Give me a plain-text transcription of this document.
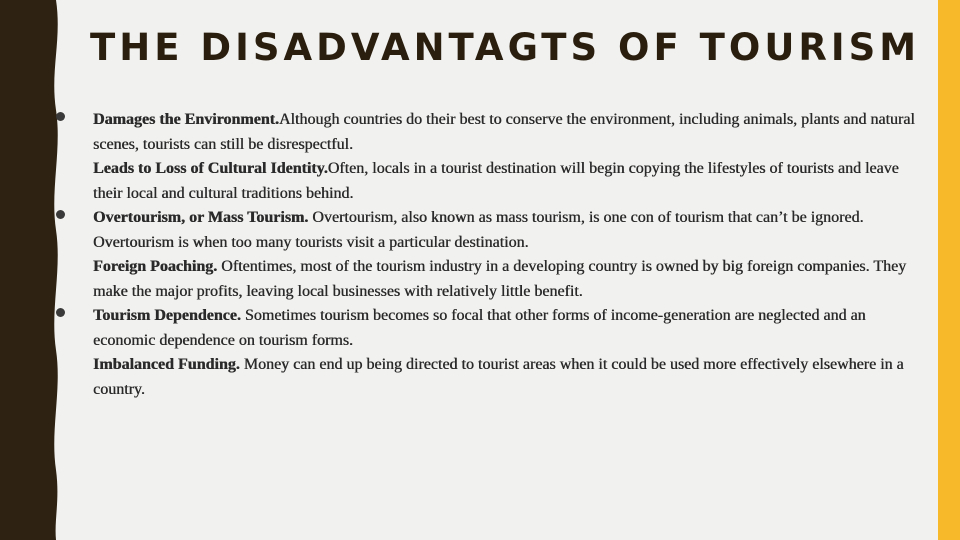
THE DISADVANTAGTS OF TOURISM
Damages the Environment.Although countries do their best to conserve the environment, including animals, plants and natural scenes, tourists can still be disrespectful.
Leads to Loss of Cultural Identity.Often, locals in a tourist destination will begin copying the lifestyles of tourists and leave their local and cultural traditions behind.
Overtourism, or Mass Tourism. Overtourism, also known as mass tourism, is one con of tourism that can’t be ignored. Overtourism is when too many tourists visit a particular destination.
Foreign Poaching. Oftentimes, most of the tourism industry in a developing country is owned by big foreign companies. They make the major profits, leaving local businesses with relatively little benefit.
Tourism Dependence. Sometimes tourism becomes so focal that other forms of income-generation are neglected and an economic dependence on tourism forms.
Imbalanced Funding. Money can end up being directed to tourist areas when it could be used more effectively elsewhere in a country.
